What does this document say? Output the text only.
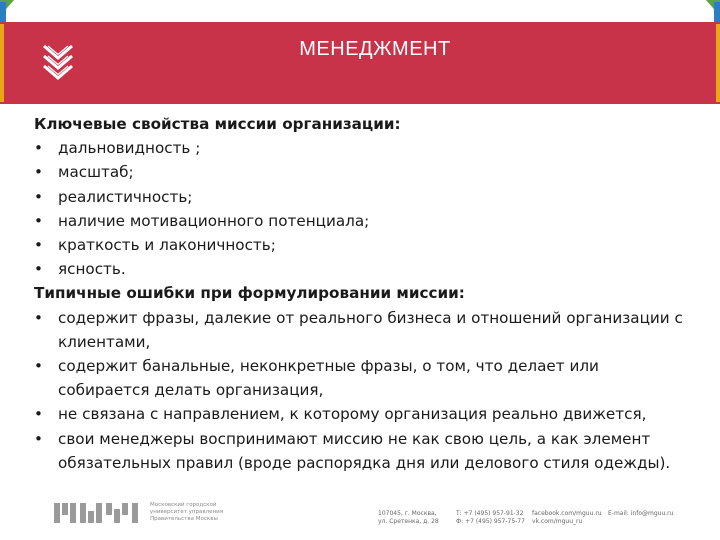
МЕНЕДЖМЕНТ
Ключевые свойства миссии организации:
• дальновидность ;
• масштаб;
• реалистичность;
• наличие мотивационного потенциала;
• краткость и лаконичность;
• ясность.
Типичные ошибки при формулировании миссии:
• содержит фразы, далекие от реального бизнеса и отношений организации с клиентами,
• содержит банальные, неконкретные фразы, о том, что делает или собирается делать организация,
• не связана с направлением, к которому организация реально движется,
• свои менеджеры воспринимают миссию не как свою цель, а как элемент обязательных правил (вроде распорядка дня или делового стиля одежды).
Московский городской
университет управления
Правительства Москвы
107045, г. Москва,
ул. Сретенка, д. 28
Т: +7 (495) 957-91-32
Ф: +7 (495) 957-75-77
facebook.com/mguu.ru
vk.com/mguu_ru
E-mail: info@mguu.ru
